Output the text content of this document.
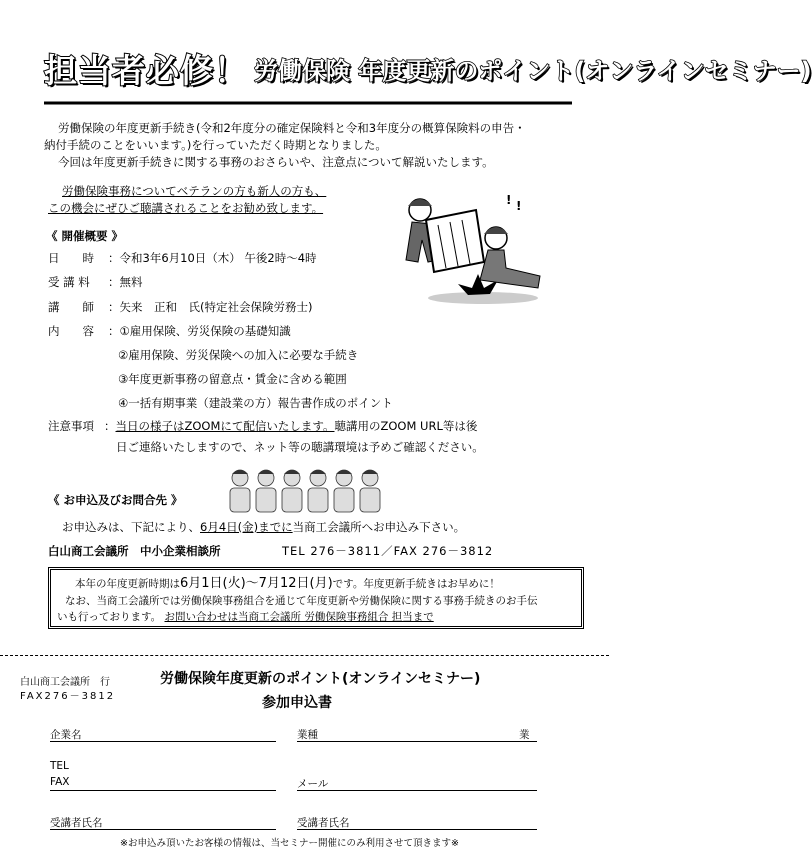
担当者必修！ 労働保険 年度更新のポイント(オンラインセミナー)
労働保険の年度更新手続き(令和2年度分の確定保険料と令和3年度分の概算保険料の申告・
納付手続のことをいいます。)を行っていただく時期となりました。
今回は年度更新手続きに関する事務のおさらいや、注意点について解説いたします。
労働保険事務についてベテランの方も新人の方も、
この機会にぜひご聴講されることをお勧め致します。
! !
《 開催概要 》
日　　時 ：令和3年6月10日（木） 午後2時～4時
受 講 料 ：無料
講　　師 ：矢来　正和　氏(特定社会保険労務士)
内　　容 ：①雇用保険、労災保険の基礎知識
②雇用保険、労災保険への加入に必要な手続き
③年度更新事務の留意点・賃金に含める範囲
④一括有期事業（建設業の方）報告書作成のポイント
注意事項 ：当日の様子はZOOMにて配信いたします。聴講用のZOOM URL等は後
日ご連絡いたしますので、ネット等の聴講環境は予めご確認ください。
《 お申込及びお問合先 》
お申込みは、下記により、6月4日(金)までに当商工会議所へお申込み下さい。
白山商工会議所　中小企業相談所	TEL 276－3811／FAX 276－3812
本年の年度更新時期は6月1日(火)～7月12日(月)です。年度更新手続きはお早めに！
なお、当商工会議所では労働保険事務組合を通じて年度更新や労働保険に関する事務手続きのお手伝
いも行っております。 お問い合わせは当商工会議所 労働保険事務組合 担当まで
白山商工会議所　行
FAX276－3812
労働保険年度更新のポイント(オンラインセミナー)
参加申込書
企業名	業種	業
TEL
FAX	メール
受講者氏名	受講者氏名
※お申込み頂いたお客様の情報は、当セミナー開催にのみ利用させて頂きます※
